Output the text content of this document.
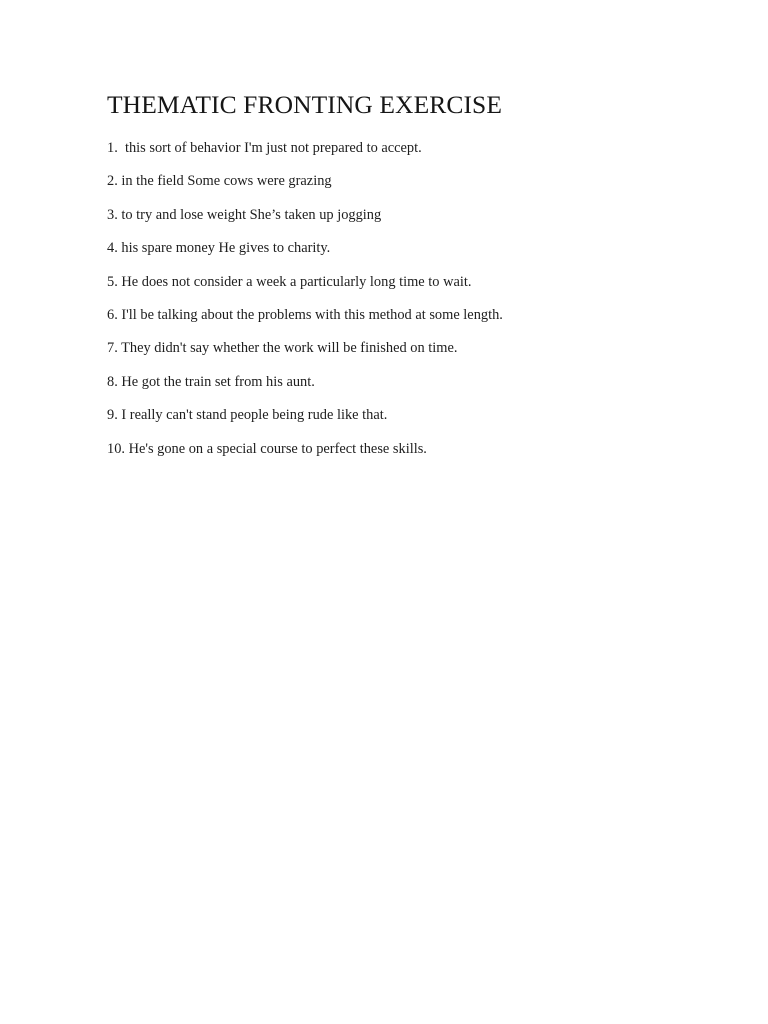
THEMATIC FRONTING EXERCISE
1.  this sort of behavior I'm just not prepared to accept.
2. in the field Some cows were grazing
3. to try and lose weight She’s taken up jogging
4. his spare money He gives to charity.
5. He does not consider a week a particularly long time to wait.
6. I'll be talking about the problems with this method at some length.
7. They didn't say whether the work will be finished on time.
8. He got the train set from his aunt.
9. I really can't stand people being rude like that.
10. He's gone on a special course to perfect these skills.
